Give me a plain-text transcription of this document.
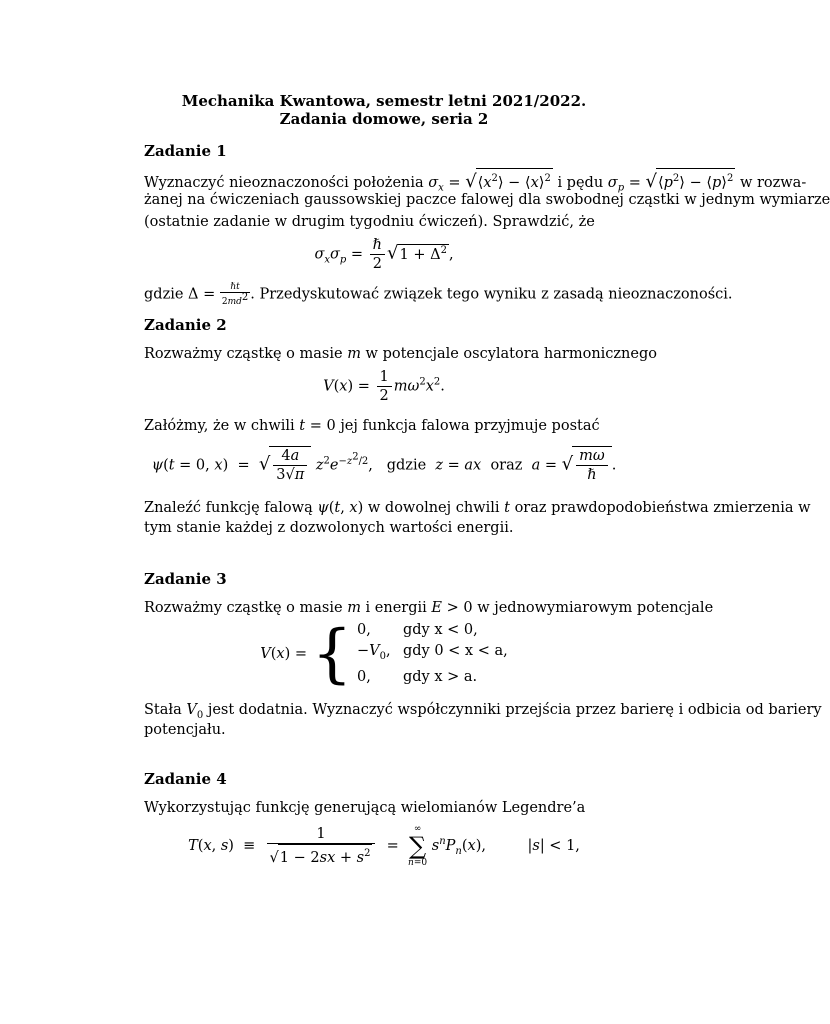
Mechanika Kwantowa, semestr letni 2021/2022.
Zadania domowe, seria 2
Zadanie 1
Wyznaczyć nieoznaczoności położenia $\sigma_x$ = $√⟨x^2⟩$ − ⟨x⟩$^2$ i pędu $\sigma_p$ = $√⟨p^2⟩$ − ⟨p⟩$^2$ w rozwa-
żanej na ćwiczeniach gaussowskiej paczce falowej dla swobodnej cząstki w jednym wymiarze
(ostatnie zadanie w drugim tygodniu ćwiczeń). Sprawdzić, że
$\sigma_x\sigma_p = \frac{\text{ℏ}}{2} √1 + \Delta^2$ ,
gdzie $\Delta = \frac{\text{ℏt}}{2md^2}$ . Przedyskutować związek tego wyniku z zasadą nieoznaczoności.
Zadanie 2
Rozważmy cząstkę o masie m w potencjale oscylatora harmonicznego
$V(x) = \frac{1}{2} m\omega^2x^2$.
Załóżmy, że w chwili t = 0 jej funkcja falowa przyjmuje postać
ψ(t = 0, x)  =  √ $\frac{4a}{3√\pi} z^2e^{-z^2/2}$,   gdzie z = ax oraz a = √ $\frac{m\omega}{\text{ℏ}}$ .
Znaleźć funkcję falową ψ(t, x) w dowolnej chwili t oraz prawdopodobieństwa zmierzenia w
tym stanie każdej z dozwolonych wartości energii.
Zadanie 3
Rozważmy cząstkę o masie m i energii E > 0 w jednowymiarowym potencjale
V(x) = { 0, gdy x < 0,
$-V_0$, gdy 0 < x < a,
0, gdy x > a.
Stała $V_0$ jest dodatnia. Wyznaczyć współczynniki przejścia przez barierę i odbicia od bariery
potencjału.
Zadanie 4
Wykorzystując funkcję generującą wielomianów Legendre’a
T(x, $s) \equiv \frac{1}{√1 - 2sx + s^2}$ =
∞
∑
n=0
$s^nP_n(x)$,         |s| < 1,
